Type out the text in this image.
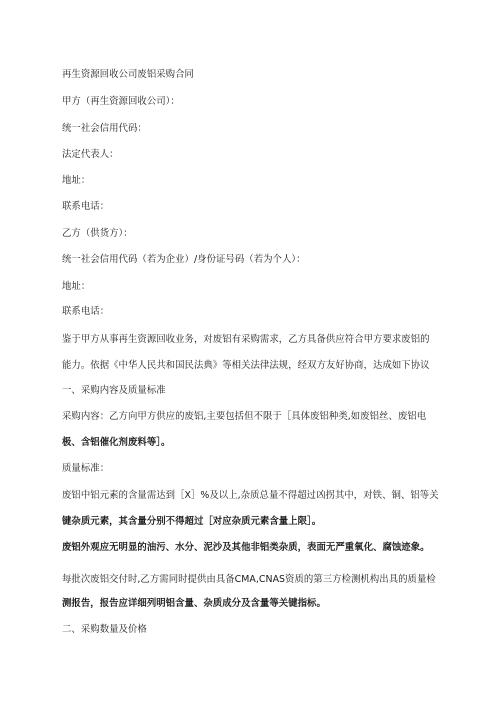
再生资源回收公司废铝采购合同
甲方（再生资源回收公司）：
统一社会信用代码：
法定代表人：
地址：
联系电话：
乙方（供货方）：
统一社会信用代码（若为企业）/身份证号码（若为个人）：
地址：
联系电话：
鉴于甲方从事再生资源回收业务，对废铝有采购需求，乙方具备供应符合甲方要求废铝的
能力。依据《中华人民共和国民法典》等相关法律法规，经双方友好协商，达成如下协议
一、采购内容及质量标准
采购内容：乙方向甲方供应的废铝,主要包括但不限于［具体废铝种类,如废铝丝、废铝电
极、含铝催化剂废料等］。
质量标准：
废铝中铝元素的含量需达到［X］%及以上,杂质总量不得超过凶拐其中，对铁、铜、铝等关
键杂质元素，其含量分别不得超过［对应杂质元素含量上限］。
废铝外观应无明显的油污、水分、泥沙及其他非铝类杂质，表面无严重氧化、腐蚀迹象。
每批次废铝交付时,乙方需同时提供由具备CMA,CNAS资质的第三方检测机构出具的质量检
测报告，报告应详细列明铝含量、杂质成分及含量等关键指标。
二、采购数量及价格
